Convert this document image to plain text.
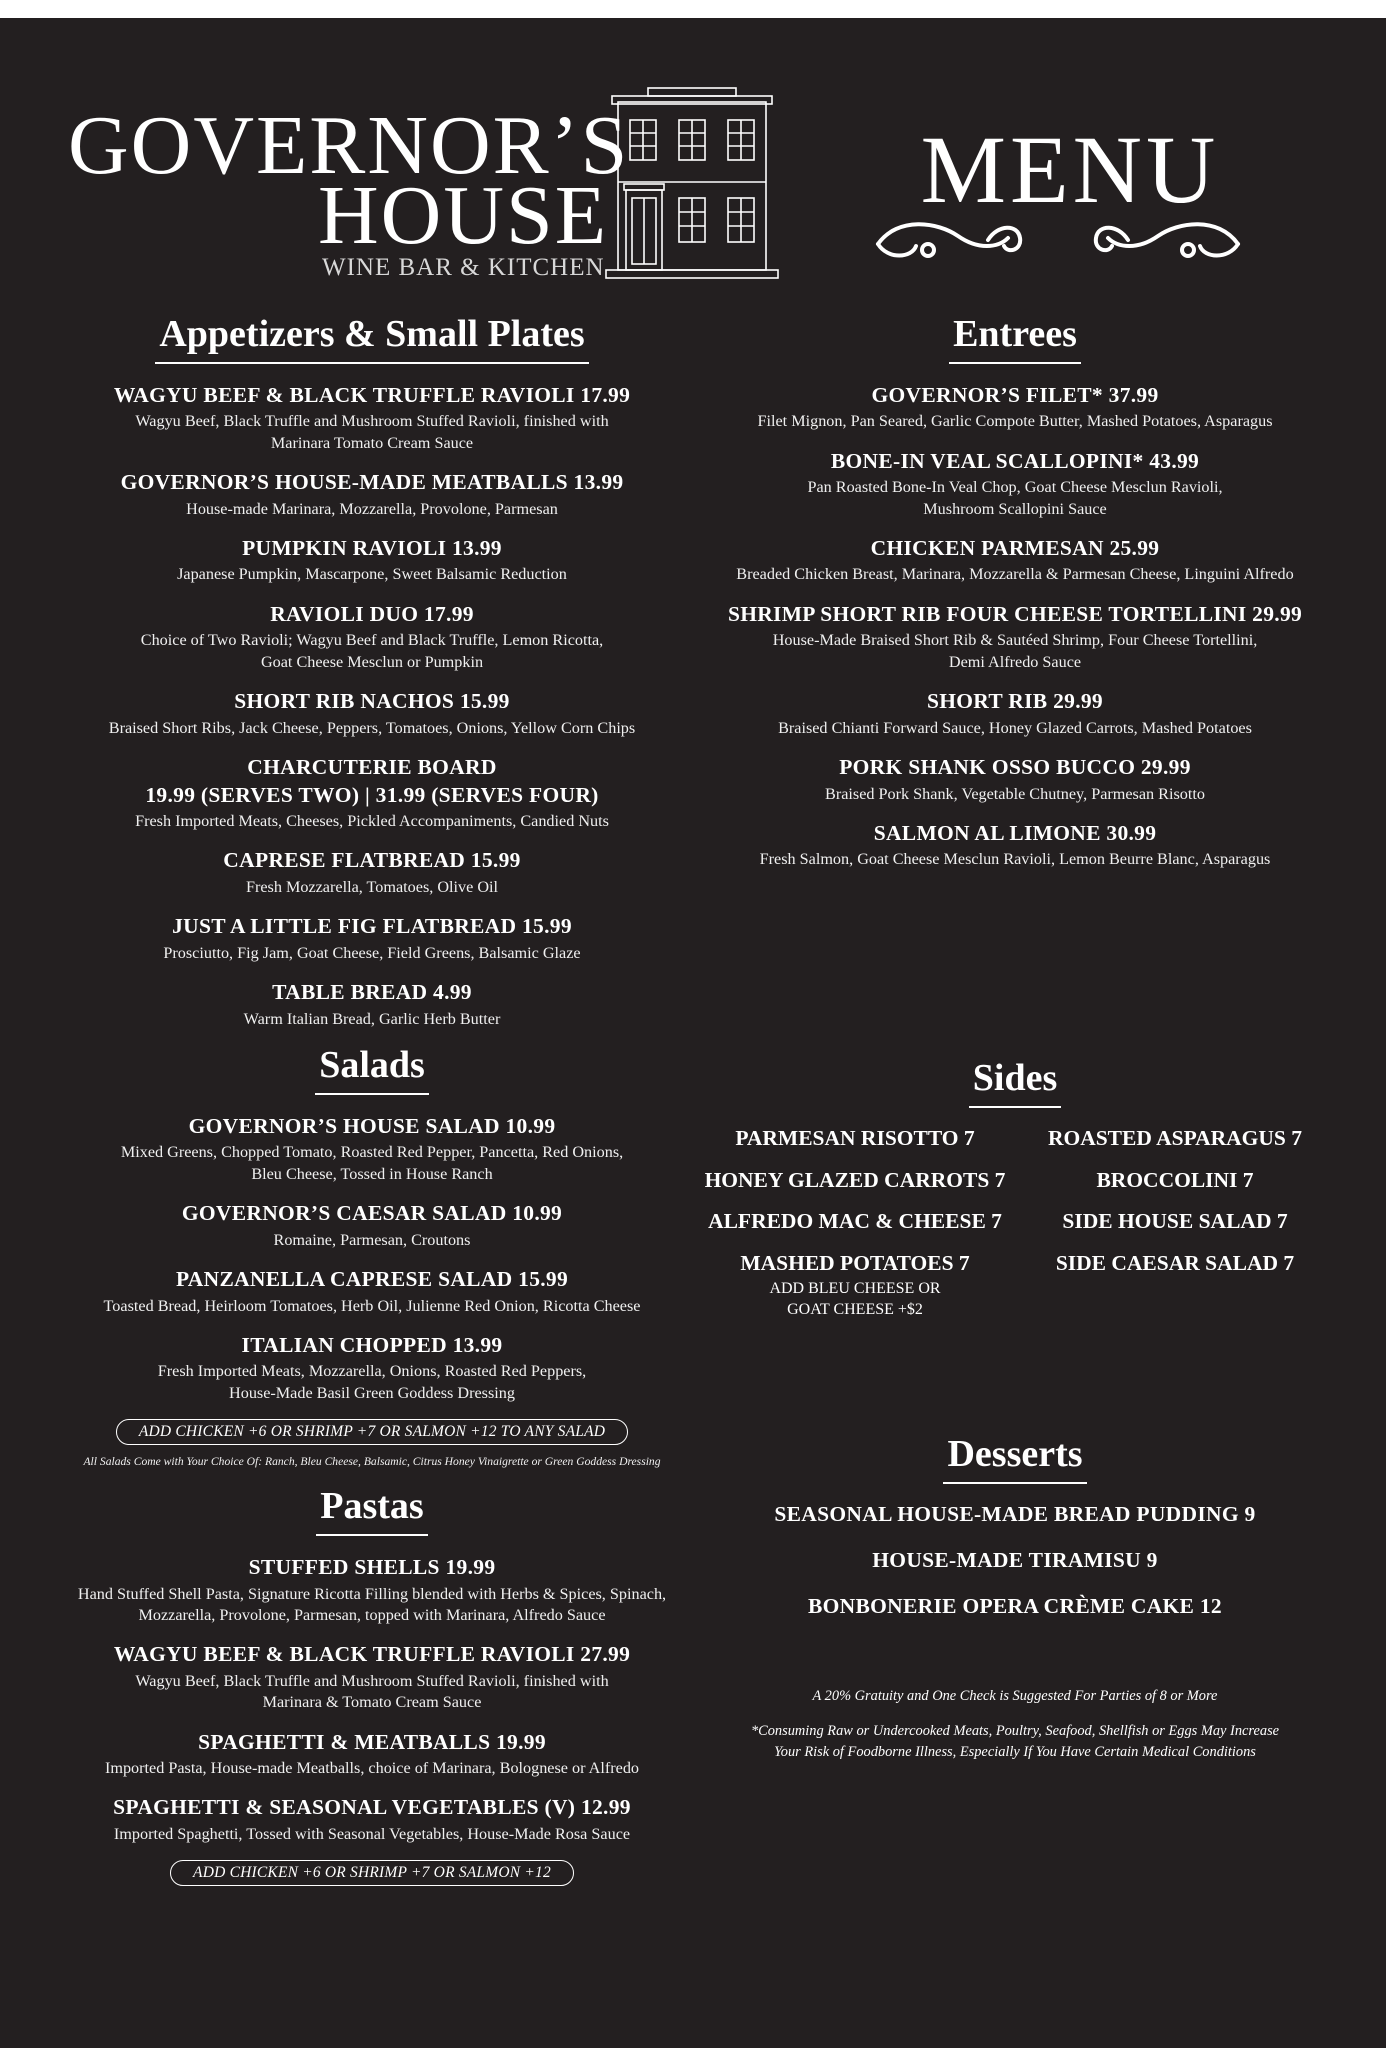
GOVERNOR’S
HOUSE
WINE BAR & KITCHEN
MENU
Appetizers & Small Plates
WAGYU BEEF & BLACK TRUFFLE RAVIOLI 17.99
Wagyu Beef, Black Truffle and Mushroom Stuffed Ravioli, finished with
Marinara Tomato Cream Sauce
GOVERNOR’S HOUSE-MADE MEATBALLS 13.99
House-made Marinara, Mozzarella, Provolone, Parmesan
PUMPKIN RAVIOLI 13.99
Japanese Pumpkin, Mascarpone, Sweet Balsamic Reduction
RAVIOLI DUO 17.99
Choice of Two Ravioli; Wagyu Beef and Black Truffle, Lemon Ricotta,
Goat Cheese Mesclun or Pumpkin
SHORT RIB NACHOS 15.99
Braised Short Ribs, Jack Cheese, Peppers, Tomatoes, Onions, Yellow Corn Chips
CHARCUTERIE BOARD
19.99 (SERVES TWO) | 31.99 (SERVES FOUR)
Fresh Imported Meats, Cheeses, Pickled Accompaniments, Candied Nuts
CAPRESE FLATBREAD 15.99
Fresh Mozzarella, Tomatoes, Olive Oil
JUST A LITTLE FIG FLATBREAD 15.99
Prosciutto, Fig Jam, Goat Cheese, Field Greens, Balsamic Glaze
TABLE BREAD 4.99
Warm Italian Bread, Garlic Herb Butter
Salads
GOVERNOR’S HOUSE SALAD 10.99
Mixed Greens, Chopped Tomato, Roasted Red Pepper, Pancetta, Red Onions,
Bleu Cheese, Tossed in House Ranch
GOVERNOR’S CAESAR SALAD 10.99
Romaine, Parmesan, Croutons
PANZANELLA CAPRESE SALAD 15.99
Toasted Bread, Heirloom Tomatoes, Herb Oil, Julienne Red Onion, Ricotta Cheese
ITALIAN CHOPPED 13.99
Fresh Imported Meats, Mozzarella, Onions, Roasted Red Peppers,
House-Made Basil Green Goddess Dressing
ADD CHICKEN +6 OR SHRIMP +7 OR SALMON +12 TO ANY SALAD
All Salads Come with Your Choice Of: Ranch, Bleu Cheese, Balsamic, Citrus Honey Vinaigrette or Green Goddess Dressing
Pastas
STUFFED SHELLS 19.99
Hand Stuffed Shell Pasta, Signature Ricotta Filling blended with Herbs & Spices, Spinach,
Mozzarella, Provolone, Parmesan, topped with Marinara, Alfredo Sauce
WAGYU BEEF & BLACK TRUFFLE RAVIOLI 27.99
Wagyu Beef, Black Truffle and Mushroom Stuffed Ravioli, finished with
Marinara & Tomato Cream Sauce
SPAGHETTI & MEATBALLS 19.99
Imported Pasta, House-made Meatballs, choice of Marinara, Bolognese or Alfredo
SPAGHETTI & SEASONAL VEGETABLES (V) 12.99
Imported Spaghetti, Tossed with Seasonal Vegetables, House-Made Rosa Sauce
ADD CHICKEN +6 OR SHRIMP +7 OR SALMON +12
Entrees
GOVERNOR’S FILET* 37.99
Filet Mignon, Pan Seared, Garlic Compote Butter, Mashed Potatoes, Asparagus
BONE-IN VEAL SCALLOPINI* 43.99
Pan Roasted Bone-In Veal Chop, Goat Cheese Mesclun Ravioli,
Mushroom Scallopini Sauce
CHICKEN PARMESAN 25.99
Breaded Chicken Breast, Marinara, Mozzarella & Parmesan Cheese, Linguini Alfredo
SHRIMP SHORT RIB FOUR CHEESE TORTELLINI 29.99
House-Made Braised Short Rib & Sautéed Shrimp, Four Cheese Tortellini,
Demi Alfredo Sauce
SHORT RIB 29.99
Braised Chianti Forward Sauce, Honey Glazed Carrots, Mashed Potatoes
PORK SHANK OSSO BUCCO 29.99
Braised Pork Shank, Vegetable Chutney, Parmesan Risotto
SALMON AL LIMONE 30.99
Fresh Salmon, Goat Cheese Mesclun Ravioli, Lemon Beurre Blanc, Asparagus
Sides
PARMESAN RISOTTO 7
HONEY GLAZED CARROTS 7
ALFREDO MAC & CHEESE 7
MASHED POTATOES 7
ADD BLEU CHEESE OR
GOAT CHEESE +$2
ROASTED ASPARAGUS 7
BROCCOLINI 7
SIDE HOUSE SALAD 7
SIDE CAESAR SALAD 7
Desserts
SEASONAL HOUSE-MADE BREAD PUDDING 9
HOUSE-MADE TIRAMISU 9
BONBONERIE OPERA CRÈME CAKE 12
A 20% Gratuity and One Check is Suggested For Parties of 8 or More
*Consuming Raw or Undercooked Meats, Poultry, Seafood, Shellfish or Eggs May Increase
Your Risk of Foodborne Illness, Especially If You Have Certain Medical Conditions
